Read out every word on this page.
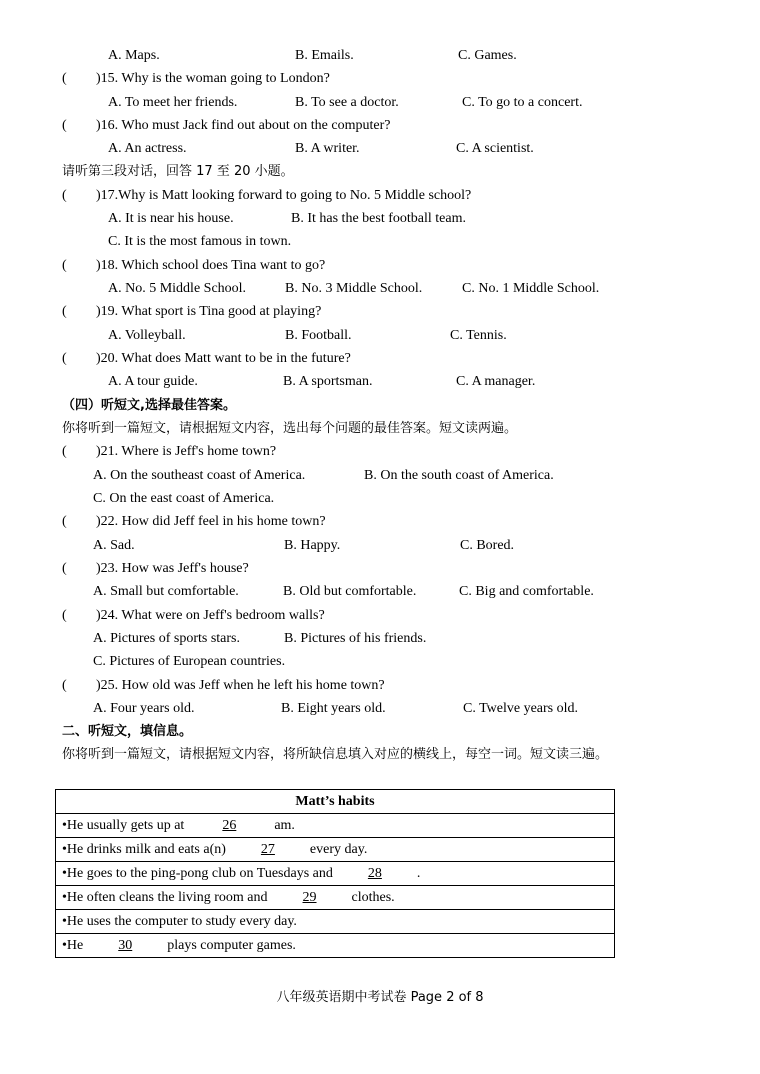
A. Maps.	B. Emails.	C. Games.
( )15. Why is the woman going to London?
A. To meet her friends.	B. To see a doctor.	C. To go to a concert.
( )16. Who must Jack find out about on the computer?
A. An actress.	B. A writer.	C. A scientist.
请听第三段对话，回答 17 至 20 小题。
( )17.Why is Matt looking forward to going to No. 5 Middle school?
A. It is near his house.	B. It has the best football team.
C. It is the most famous in town.
( )18. Which school does Tina want to go?
A. No. 5 Middle School.	B. No. 3 Middle School.	C. No. 1 Middle School.
( )19. What sport is Tina good at playing?
A. Volleyball.	B. Football.	C. Tennis.
( )20. What does Matt want to be in the future?
A. A tour guide.	B. A sportsman.	C. A manager.
（四）听短文,选择最佳答案。
你将听到一篇短文，请根据短文内容，选出每个问题的最佳答案。短文读两遍。
( )21. Where is Jeff's home town?
A. On the southeast coast of America.	B. On the south coast of America.
C. On the east coast of America.
( )22. How did Jeff feel in his home town?
A. Sad.	B. Happy.	C. Bored.
( )23. How was Jeff's house?
A. Small but comfortable.	B. Old but comfortable.	C. Big and comfortable.
( )24. What were on Jeff's bedroom walls?
A. Pictures of sports stars.	B. Pictures of his friends.
C. Pictures of European countries.
( )25. How old was Jeff when he left his home town?
A. Four years old.	B. Eight years old.	C. Twelve years old.
二、听短文，填信息。
你将听到一篇短文，请根据短文内容，将所缺信息填入对应的横线上，每空一词。短文读三遍。
Matt’s habits
•He usually gets up at	26	am.
•He drinks milk and eats a(n)	27	every day.
•He goes to the ping-pong club on Tuesdays and	28	.
•He often cleans the living room and	29	clothes.
•He uses the computer to study every day.
•He	30	plays computer games.
八年级英语期中考试卷 Page 2 of 8
